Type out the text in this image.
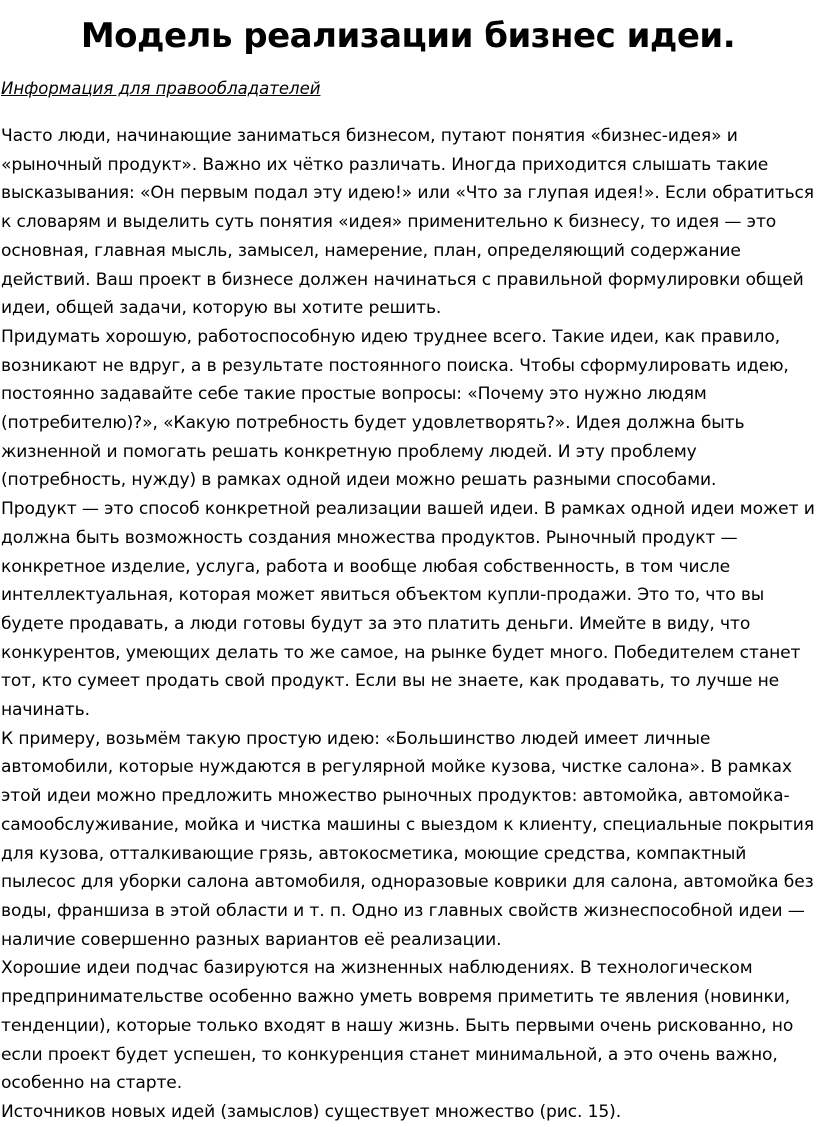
Модель реализации бизнес идеи.
Информация для правообладателей

Часто люди, начинающие заниматься бизнесом, путают понятия «бизнес-идея» и «рыночный продукт». Важно их чётко различать. Иногда приходится слышать такие высказывания: «Он первым подал эту идею!» или «Что за глупая идея!». Если обратиться к словарям и выделить суть понятия «идея» применительно к бизнесу, то идея — это основная, главная мысль, замысел, намерение, план, определяющий содержание действий. Ваш проект в бизнесе должен начинаться с правильной формулировки общей идеи, общей задачи, которую вы хотите решить.

Придумать хорошую, работоспособную идею труднее всего. Такие идеи, как правило, возникают не вдруг, а в результате постоянного поиска. Чтобы сформулировать идею, постоянно задавайте себе такие простые вопросы: «Почему это нужно людям (потребителю)?», «Какую потребность будет удовлетворять?». Идея должна быть жизненной и помогать решать конкретную проблему людей. И эту проблему (потребность, нужду) в рамках одной идеи можно решать разными способами.

Продукт — это способ конкретной реализации вашей идеи. В рамках одной идеи может и должна быть возможность создания множества продуктов. Рыночный продукт — конкретное изделие, услуга, работа и вообще любая собственность, в том числе интеллектуальная, которая может явиться объектом купли-продажи. Это то, что вы будете продавать, а люди готовы будут за это платить деньги. Имейте в виду, что конкурентов, умеющих делать то же самое, на рынке будет много. Победителем станет тот, кто сумеет продать свой продукт. Если вы не знаете, как продавать, то лучше не начинать.

К примеру, возьмём такую простую идею: «Большинство людей имеет личные автомобили, которые нуждаются в регулярной мойке кузова, чистке салона». В рамках этой идеи можно предложить множество рыночных продуктов: автомойка, автомойка-самообслуживание, мойка и чистка машины с выездом к клиенту, специальные покрытия для кузова, отталкивающие грязь, автокосметика, моющие средства, компактный пылесос для уборки салона автомобиля, одноразовые коврики для салона, автомойка без воды, франшиза в этой области и т. п. Одно из главных свойств жизнеспособной идеи — наличие совершенно разных вариантов её реализации.

Хорошие идеи подчас базируются на жизненных наблюдениях. В технологическом предпринимательстве особенно важно уметь вовремя приметить те явления (новинки, тенденции), которые только входят в нашу жизнь. Быть первыми очень рискованно, но если проект будет успешен, то конкуренция станет минимальной, а это очень важно, особенно на старте.

Источников новых идей (замыслов) существует множество (рис. 15).
